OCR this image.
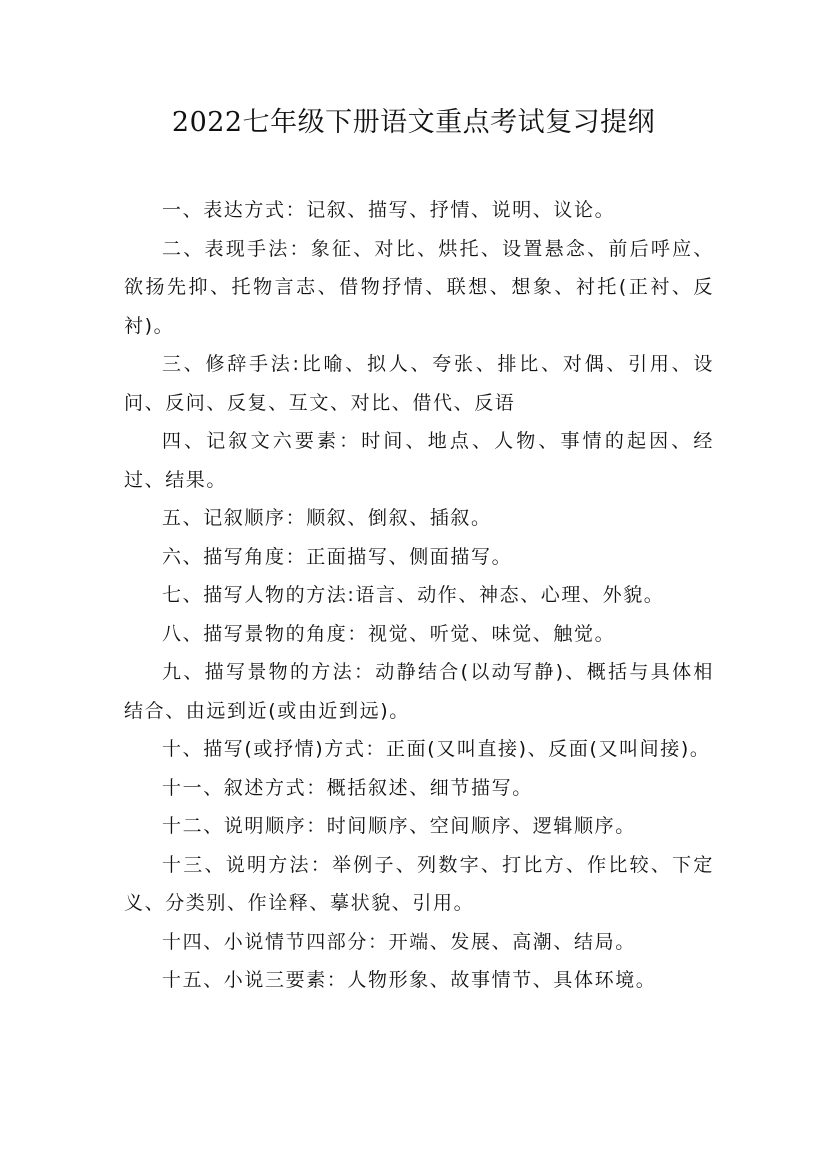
2022七年级下册语文重点考试复习提纲

一、表达方式：记叙、描写、抒情、说明、议论。

二、表现手法：象征、对比、烘托、设置悬念、前后呼应、欲扬先抑、托物言志、借物抒情、联想、想象、衬托(正衬、反衬)。

三、修辞手法:比喻、拟人、夸张、排比、对偶、引用、设问、反问、反复、互文、对比、借代、反语

四、记叙文六要素：时间、地点、人物、事情的起因、经过、结果。

五、记叙顺序：顺叙、倒叙、插叙。

六、描写角度：正面描写、侧面描写。

七、描写人物的方法:语言、动作、神态、心理、外貌。

八、描写景物的角度：视觉、听觉、味觉、触觉。

九、描写景物的方法：动静结合(以动写静)、概括与具体相结合、由远到近(或由近到远)。

十、描写(或抒情)方式：正面(又叫直接)、反面(又叫间接)。

十一、叙述方式：概括叙述、细节描写。

十二、说明顺序：时间顺序、空间顺序、逻辑顺序。

十三、说明方法：举例子、列数字、打比方、作比较、下定义、分类别、作诠释、摹状貌、引用。

十四、小说情节四部分：开端、发展、高潮、结局。

十五、小说三要素：人物形象、故事情节、具体环境。
